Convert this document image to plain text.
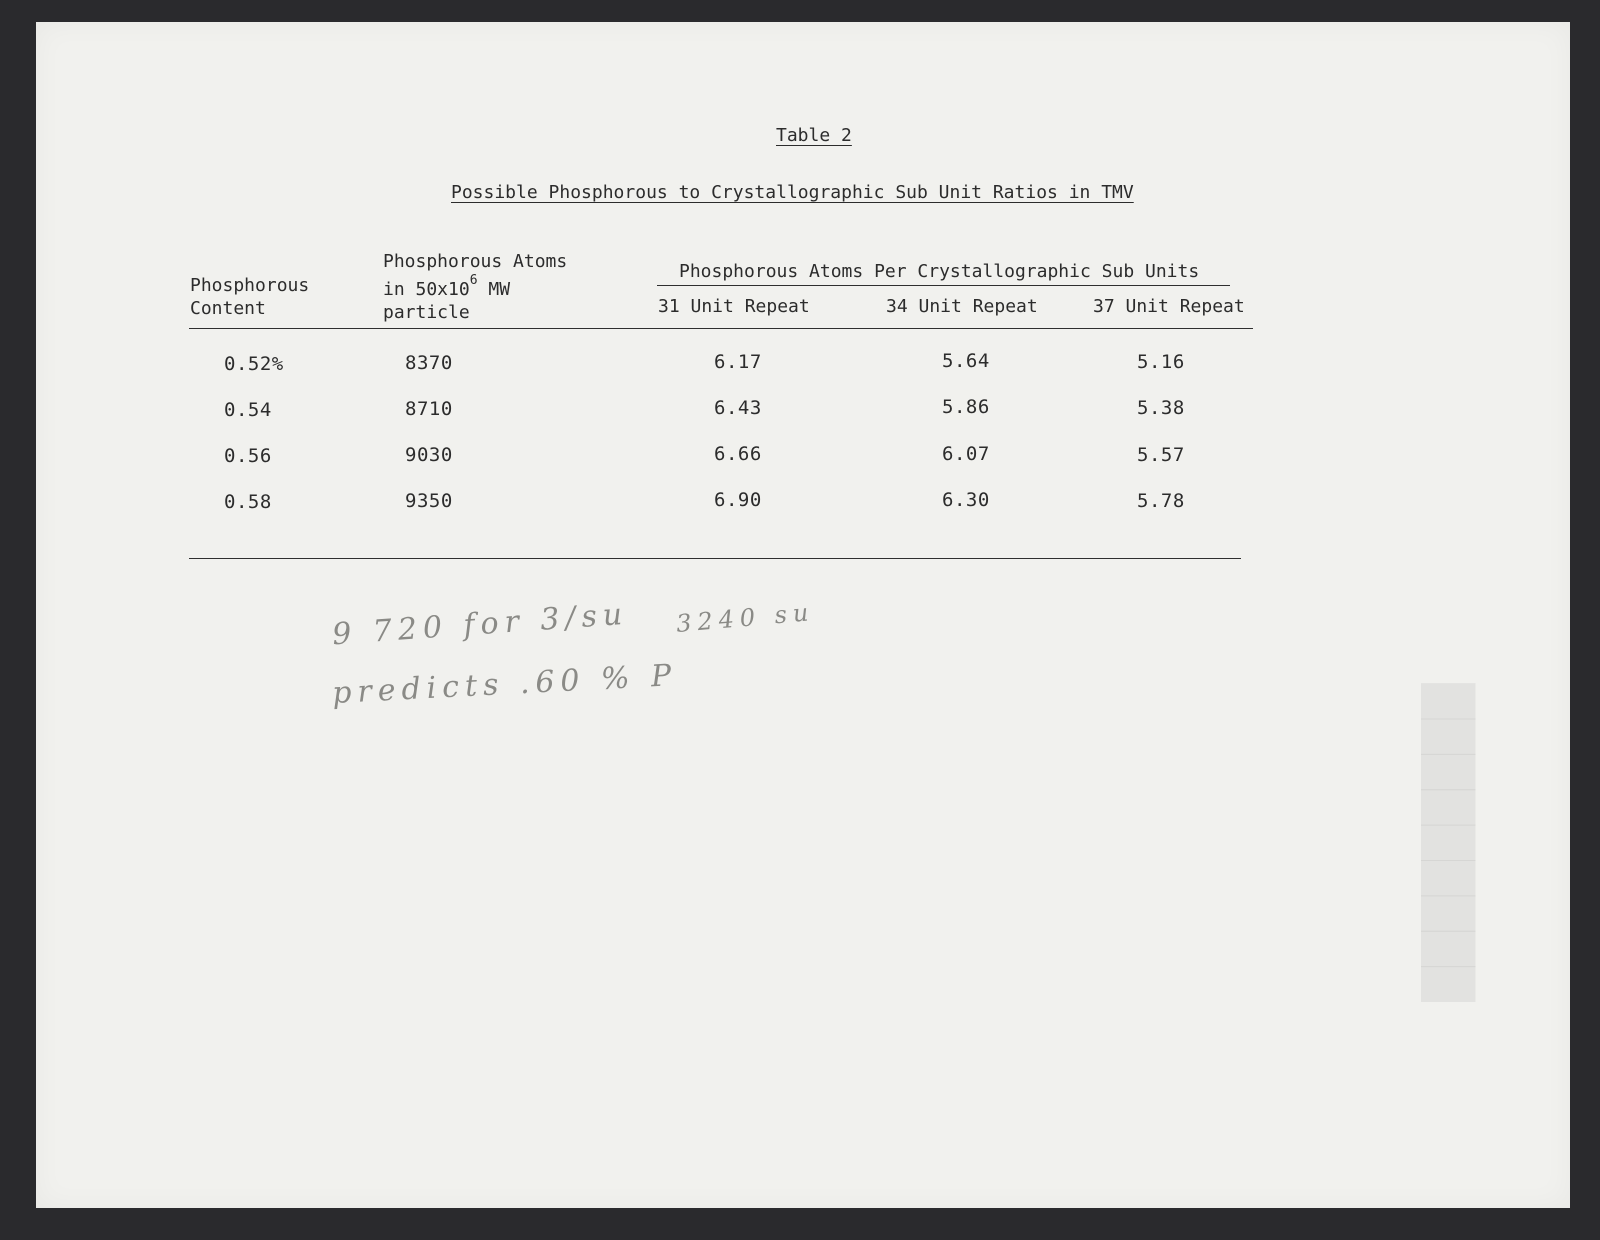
█████████
Table 2
Possible Phosphorous to Crystallographic Sub Unit Ratios in TMV
Phosphorous
Content
Phosphorous Atoms
in $50x10^6$ MW
particle
Phosphorous Atoms Per Crystallographic Sub Units
31 Unit Repeat	34 Unit Repeat	37 Unit Repeat
0.52%	8370	6.17	5.64	5.16
0.54	8710	6.43	5.86	5.38
0.56	9030	6.66	6.07	5.57
0.58	9350	6.90	6.30	5.78
9 720 for 3/su 3240 su
predicts .60 % P
